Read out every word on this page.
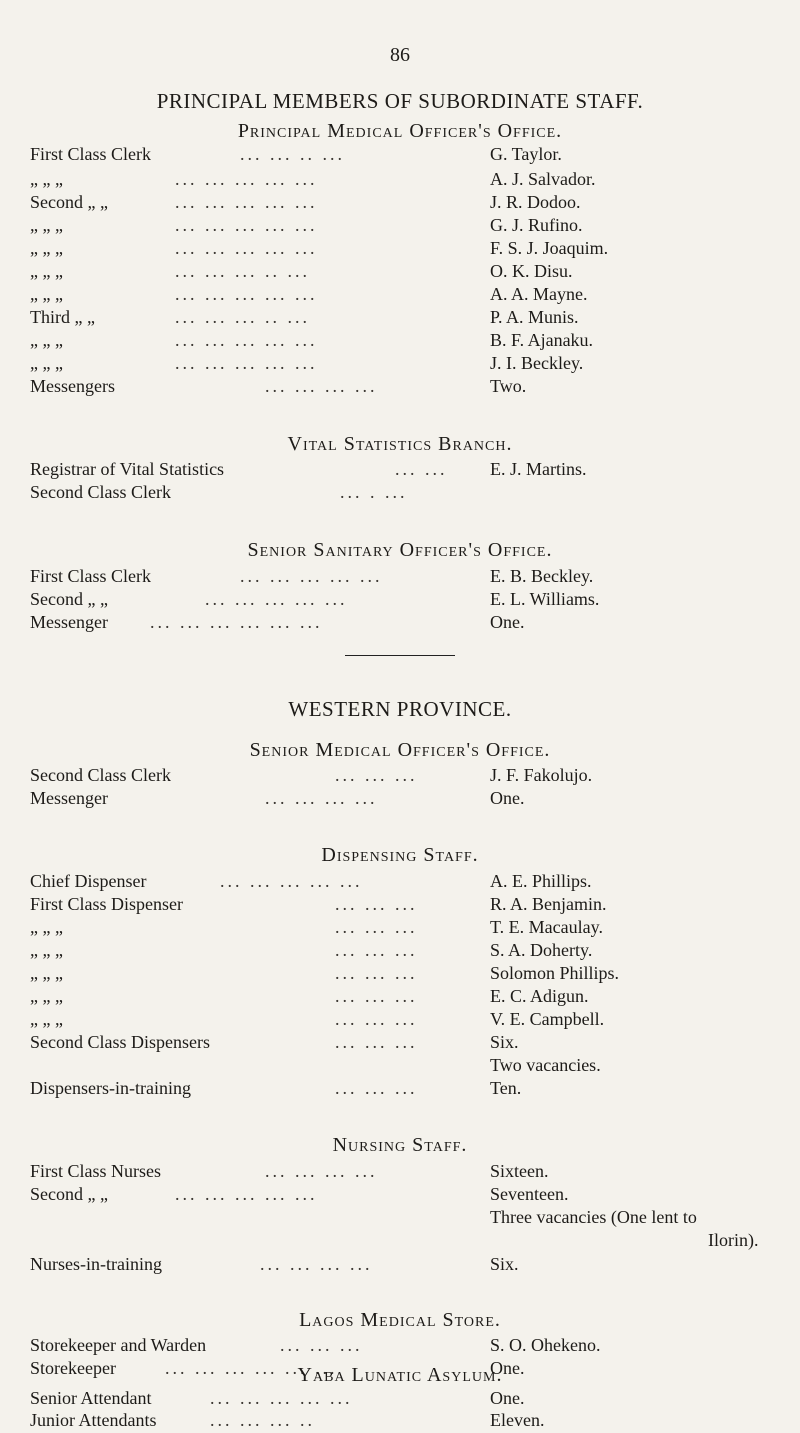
86
PRINCIPAL MEMBERS OF SUBORDINATE STAFF.
Principal Medical Officer's Office.
First Class Clerk	... ... .. ...	G. Taylor.
„ „ „	... ... ... ... ...	A. J. Salvador.
Second „ „	... ... ... ... ...	J. R. Dodoo.
„ „ „	... ... ... ... ...	G. J. Rufino.
„ „ „	... ... ... ... ...	F. S. J. Joaquim.
„ „ „	... ... ... .. ...	O. K. Disu.
„ „ „	... ... ... ... ...	A. A. Mayne.
Third „ „	... ... ... .. ...	P. A. Munis.
„ „ „	... ... ... ... ...	B. F. Ajanaku.
„ „ „	... ... ... ... ...	J. I. Beckley.
Messengers	... ... ... ...	Two.
Vital Statistics Branch.
Registrar of Vital Statistics	... ... E. J. Martins.
Second Class Clerk	... . ...
Senior Sanitary Officer's Office.
First Class Clerk	... ... ... ... ...	E. B. Beckley.
Second „ „	... ... ... ... ...	E. L. Williams.
Messenger ... ... ... ... ... ...	One.
WESTERN PROVINCE.
Senior Medical Officer's Office.
Second Class Clerk	... ... ...	J. F. Fakolujo.
Messenger	... ... ... ...	One.
Dispensing Staff.
Chief Dispenser	... ... ... ... ...	A. E. Phillips.
First Class Dispenser	... ... ...	R. A. Benjamin.
„ „ „	... ... ...	T. E. Macaulay.
„ „ „	... ... ...	S. A. Doherty.
„ „ „	... ... ...	Solomon Phillips.
„ „ „	... ... ...	E. C. Adigun.
„ „ „	... ... ...	V. E. Campbell.
Second Class Dispensers	... ... ...	Six.
Two vacancies.
Dispensers-in-training	... ... ...	Ten.
Nursing Staff.
First Class Nurses	... ... ... ...	Sixteen.
Second „ „	... ... ... ... ...	Seventeen.
Three vacancies (One lent to
Ilorin).
Nurses-in-training	... ... ... ...	Six.
Lagos Medical Store.
Storekeeper and Warden	... ... ...	S. O. Ohekeno.
Storekeeper	... ... ... ... ... ...	One.
Yaba Lunatic Asylum.
Senior Attendant	... ... ... ... ...	One.
Junior Attendants	... ... ... ..	Eleven.
